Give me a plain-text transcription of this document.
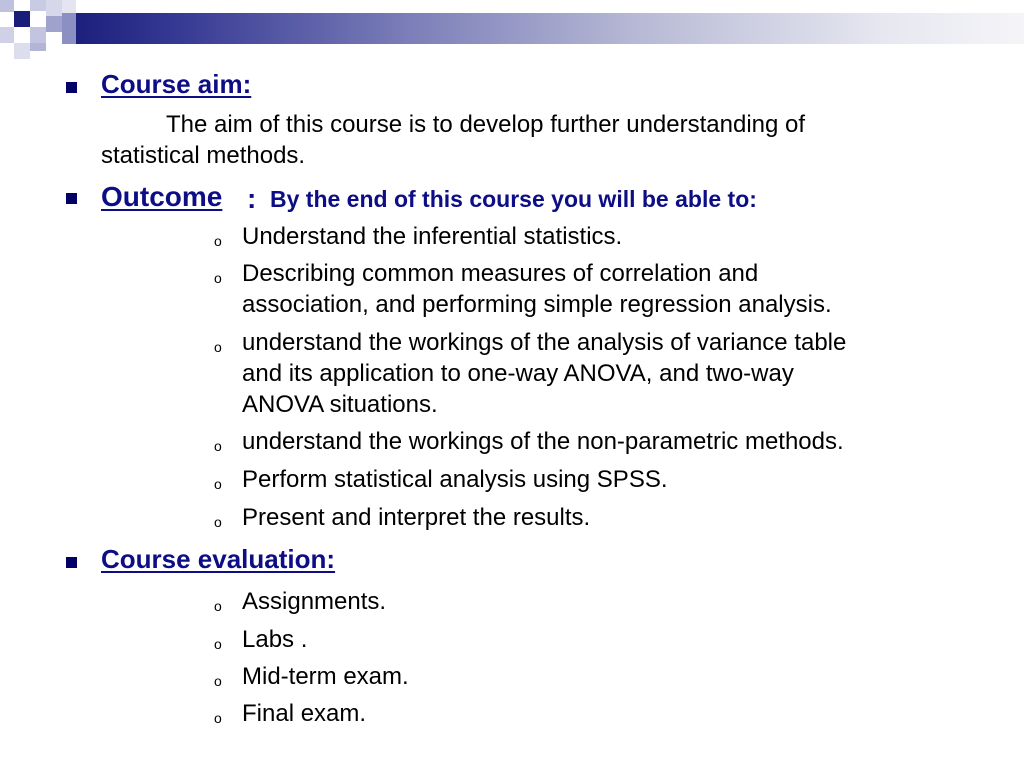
Course aim:
The aim of this course is to develop further understanding of
statistical methods.
Outcome : By the end of this course you will be able to:
o Understand the inferential statistics.
o Describing common measures of correlation and
association, and performing simple regression analysis.
o understand the workings of the analysis of variance table
and its application to one-way ANOVA, and two-way
ANOVA situations.
o understand the workings of the non-parametric methods.
o Perform statistical analysis using SPSS.
o Present and interpret the results.
Course evaluation:
o Assignments.
o Labs .
o Mid-term exam.
o Final exam.
